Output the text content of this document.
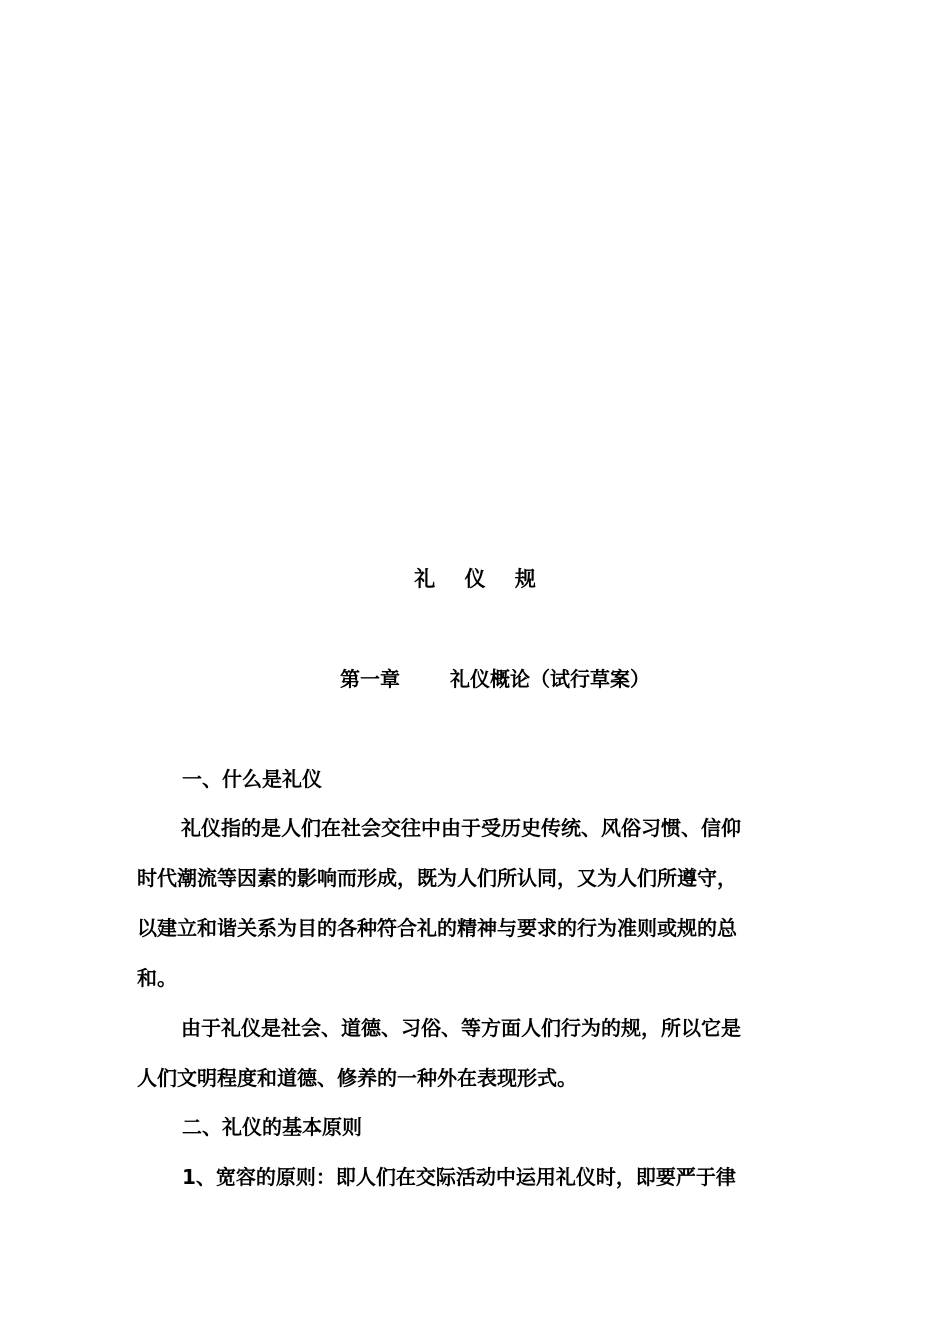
礼 仪 规
第一章	礼仪概论（试行草案）
一、什么是礼仪
礼仪指的是人们在社会交往中由于受历史传统、风俗习惯、信仰
时代潮流等因素的影响而形成，既为人们所认同，又为人们所遵守，
以建立和谐关系为目的各种符合礼的精神与要求的行为准则或规的总
和。
由于礼仪是社会、道德、习俗、等方面人们行为的规，所以它是
人们文明程度和道德、修养的一种外在表现形式。
二、礼仪的基本原则
1、宽容的原则：即人们在交际活动中运用礼仪时，即要严于律
